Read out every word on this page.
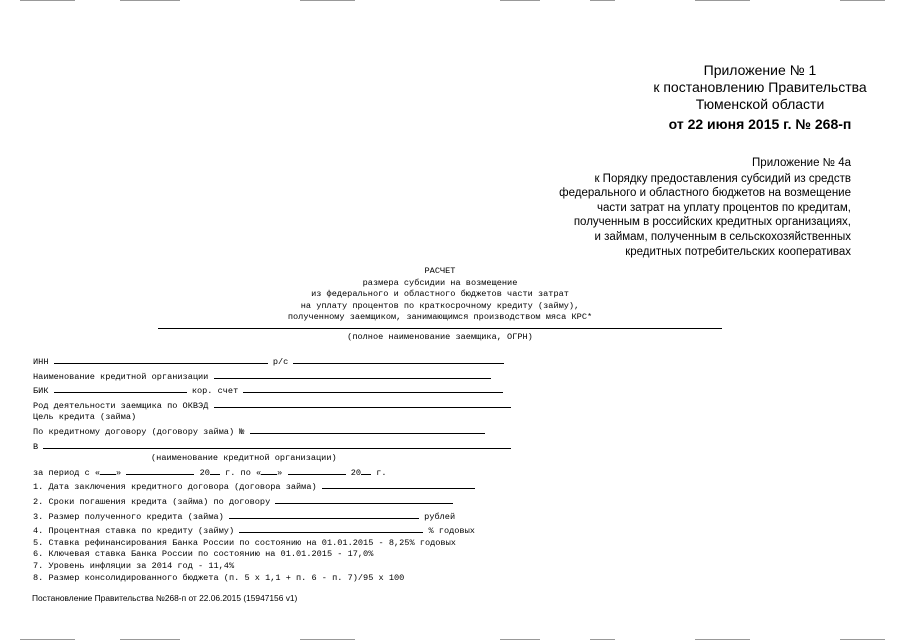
Приложение № 1
к постановлению Правительства
Тюменской области
от 22 июня 2015 г. № 268-п
Приложение № 4а
к Порядку предоставления субсидий из средств
федерального и областного бюджетов на возмещение
части затрат на уплату процентов по кредитам,
полученным в российских кредитных организациях,
и займам, полученным в сельскохозяйственных
кредитных потребительских кооперативах
РАСЧЕТ
размера субсидии на возмещение
из федерального и областного бюджетов части затрат
на уплату процентов по краткосрочному кредиту (займу),
полученному заемщиком, занимающимся производством мяса КРС*
(полное наименование заемщика, ОГРН)
ИНН	р/с
Наименование кредитной организации
БИК	кор. счет
Род деятельности заемщика по ОКВЭД
Цель кредита (займа)
По кредитному договору (договору займа) №
В
(наименование кредитной организации)
за период с « »	20 г. по « »	20 г.
1. Дата заключения кредитного договора (договора займа)
2. Сроки погашения кредита (займа) по договору
3. Размер полученного кредита (займа)	рублей
4. Процентная ставка по кредиту (займу)	% годовых
5. Ставка рефинансирования Банка России по состоянию на 01.01.2015 - 8,25% годовых
6. Ключевая ставка Банка России по состоянию на 01.01.2015 - 17,0%
7. Уровень инфляции за 2014 год - 11,4%
8. Размер консолидированного бюджета (п. 5 х 1,1 + п. 6 - п. 7)/95 х 100
Постановление Правительства №268-п от 22.06.2015 (15947156 v1)
